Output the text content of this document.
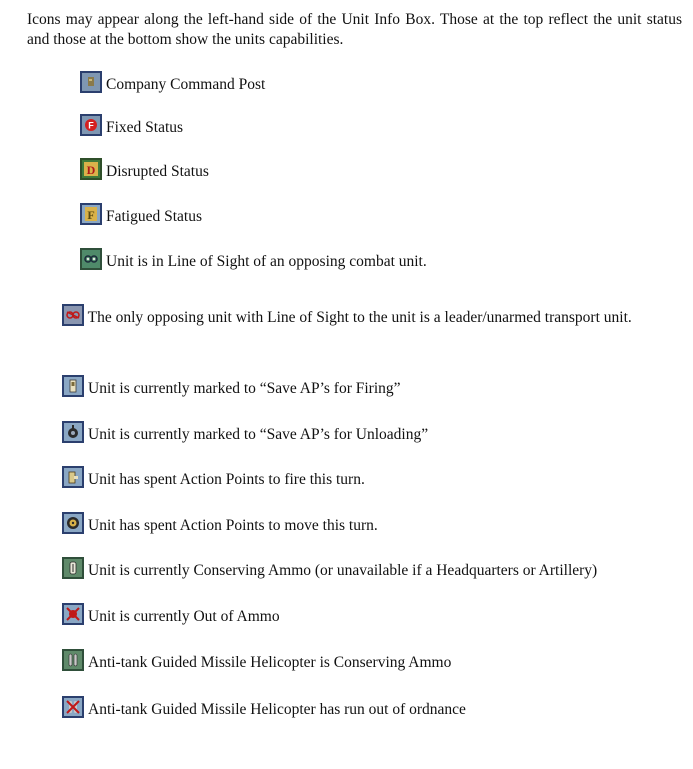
Icons may appear along the left-hand side of the Unit Info Box. Those at the top reflect the unit status and those at the bottom show the units capabilities.

Company Command Post
F Fixed Status
D Disrupted Status
F Fatigued Status
Unit is in Line of Sight of an opposing combat unit.
The only opposing unit with Line of Sight to the unit is a leader/unarmed transport unit.
Unit is currently marked to “Save AP’s for Firing”
Unit is currently marked to “Save AP’s for Unloading”
Unit has spent Action Points to fire this turn.
Unit has spent Action Points to move this turn.
Unit is currently Conserving Ammo (or unavailable if a Headquarters or Artillery)
Unit is currently Out of Ammo
Anti-tank Guided Missile Helicopter is Conserving Ammo
Anti-tank Guided Missile Helicopter has run out of ordnance
